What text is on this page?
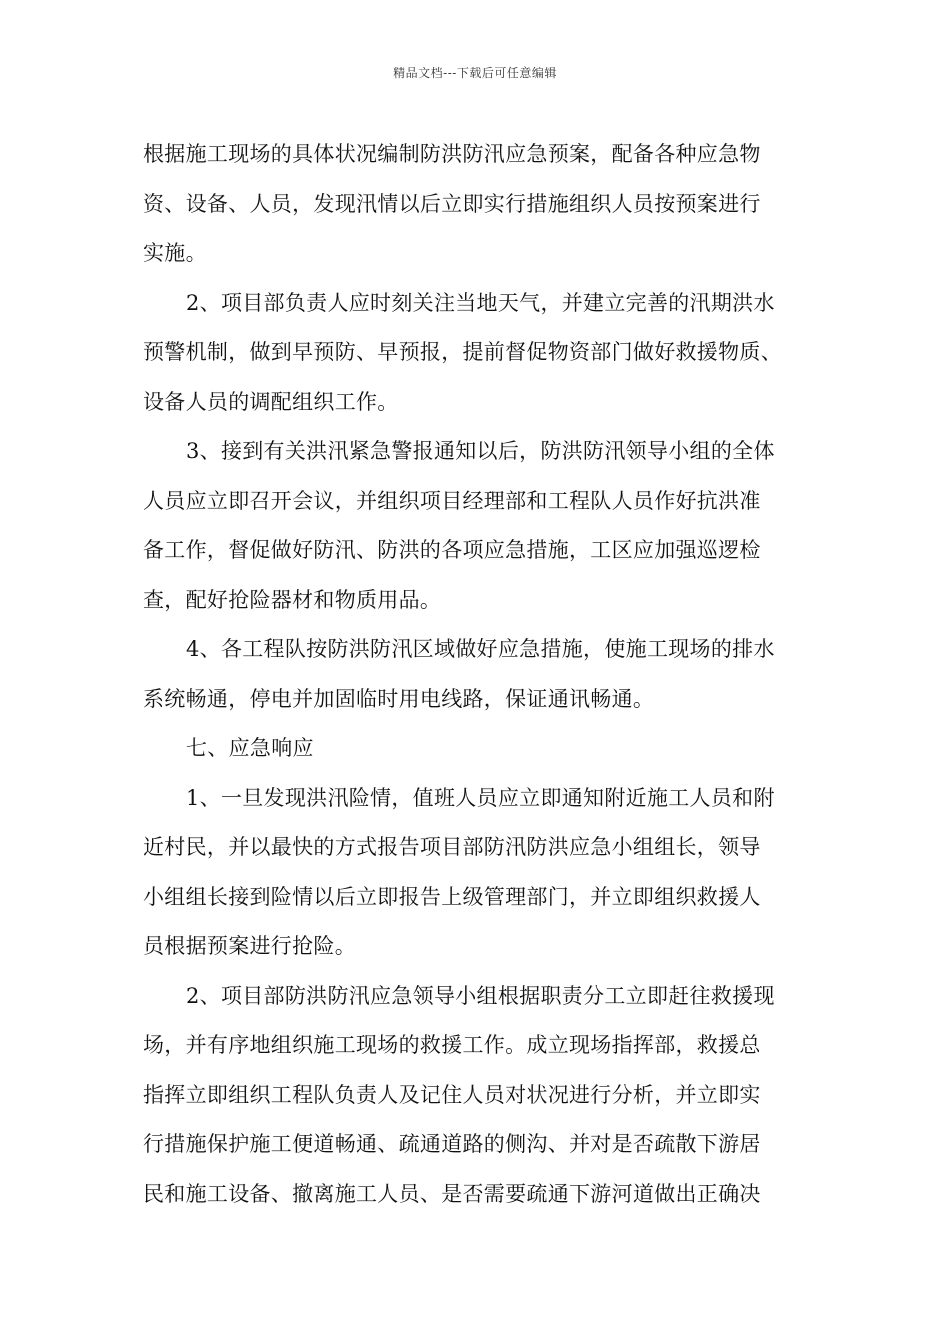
精品文档---下载后可任意编辑
根据施工现场的具体状况编制防洪防汛应急预案，配备各种应急物
资、设备、人员，发现汛情以后立即实行措施组织人员按预案进行
实施。
2、项目部负责人应时刻关注当地天气，并建立完善的汛期洪水
预警机制，做到早预防、早预报，提前督促物资部门做好救援物质、
设备人员的调配组织工作。
3、接到有关洪汛紧急警报通知以后，防洪防汛领导小组的全体
人员应立即召开会议，并组织项目经理部和工程队人员作好抗洪准
备工作，督促做好防汛、防洪的各项应急措施，工区应加强巡逻检
查，配好抢险器材和物质用品。
4、各工程队按防洪防汛区域做好应急措施，使施工现场的排水
系统畅通，停电并加固临时用电线路，保证通讯畅通。
七、应急响应
1、一旦发现洪汛险情，值班人员应立即通知附近施工人员和附
近村民，并以最快的方式报告项目部防汛防洪应急小组组长，领导
小组组长接到险情以后立即报告上级管理部门，并立即组织救援人
员根据预案进行抢险。
2、项目部防洪防汛应急领导小组根据职责分工立即赶往救援现
场，并有序地组织施工现场的救援工作。成立现场指挥部，救援总
指挥立即组织工程队负责人及记住人员对状况进行分析，并立即实
行措施保护施工便道畅通、疏通道路的侧沟、并对是否疏散下游居
民和施工设备、撤离施工人员、是否需要疏通下游河道做出正确决
